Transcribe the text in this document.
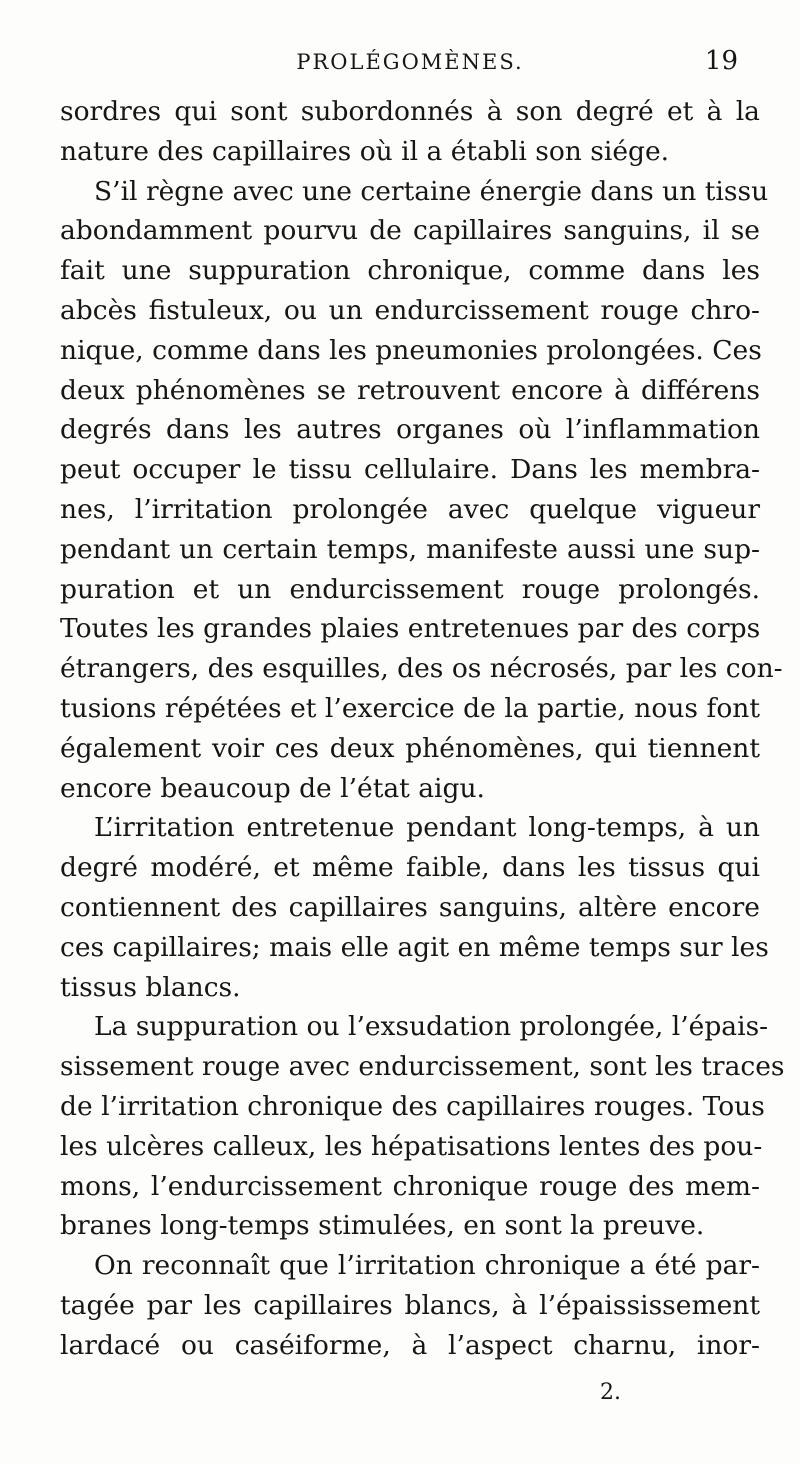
PROLÉGOMÈNES.	19
sordres qui sont subordonnés à son degré et à la
nature des capillaires où il a établi son siége.
S’il règne avec une certaine énergie dans un tissu
abondamment pourvu de capillaires sanguins, il se
fait une suppuration chronique, comme dans les
abcès fistuleux, ou un endurcissement rouge chro-
nique, comme dans les pneumonies prolongées. Ces
deux phénomènes se retrouvent encore à différens
degrés dans les autres organes où l’inflammation
peut occuper le tissu cellulaire. Dans les membra-
nes, l’irritation prolongée avec quelque vigueur
pendant un certain temps, manifeste aussi une sup-
puration et un endurcissement rouge prolongés.
Toutes les grandes plaies entretenues par des corps
étrangers, des esquilles, des os nécrosés, par les con-
tusions répétées et l’exercice de la partie, nous font
également voir ces deux phénomènes, qui tiennent
encore beaucoup de l’état aigu.
L’irritation entretenue pendant long-temps, à un
degré modéré, et même faible, dans les tissus qui
contiennent des capillaires sanguins, altère encore
ces capillaires; mais elle agit en même temps sur les
tissus blancs.
La suppuration ou l’exsudation prolongée, l’épais-
sissement rouge avec endurcissement, sont les traces
de l’irritation chronique des capillaires rouges. Tous
les ulcères calleux, les hépatisations lentes des pou-
mons, l’endurcissement chronique rouge des mem-
branes long-temps stimulées, en sont la preuve.
On reconnaît que l’irritation chronique a été par-
tagée par les capillaires blancs, à l’épaississement
lardacé ou caséiforme, à l’aspect charnu, inor-
2.
